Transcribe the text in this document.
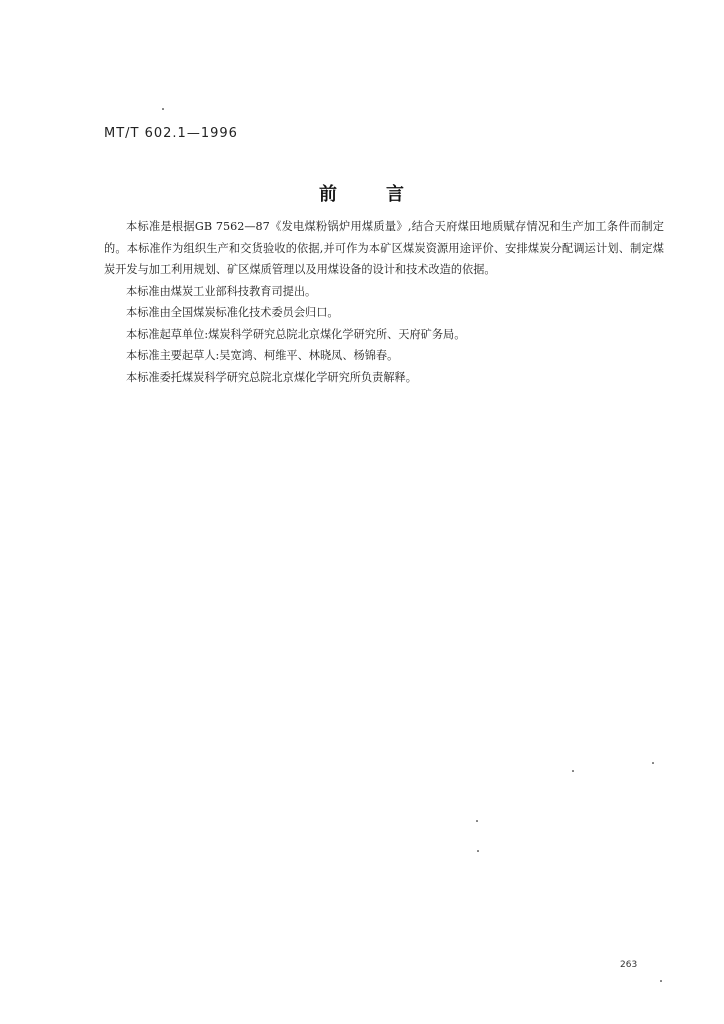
MT/T 602.1—1996
前	言

本标准是根据GB 7562—87《发电煤粉锅炉用煤质量》,结合天府煤田地质赋存情况和生产加工条件而制定的。本标准作为组织生产和交货验收的依据,并可作为本矿区煤炭资源用途评价、安排煤炭分配调运计划、制定煤炭开发与加工利用规划、矿区煤质管理以及用煤设备的设计和技术改造的依据。

本标准由煤炭工业部科技教育司提出。

本标准由全国煤炭标准化技术委员会归口。

本标准起草单位:煤炭科学研究总院北京煤化学研究所、天府矿务局。

本标准主要起草人:吴宽鸿、柯维平、林晓凤、杨锦春。

本标准委托煤炭科学研究总院北京煤化学研究所负责解释。

263
